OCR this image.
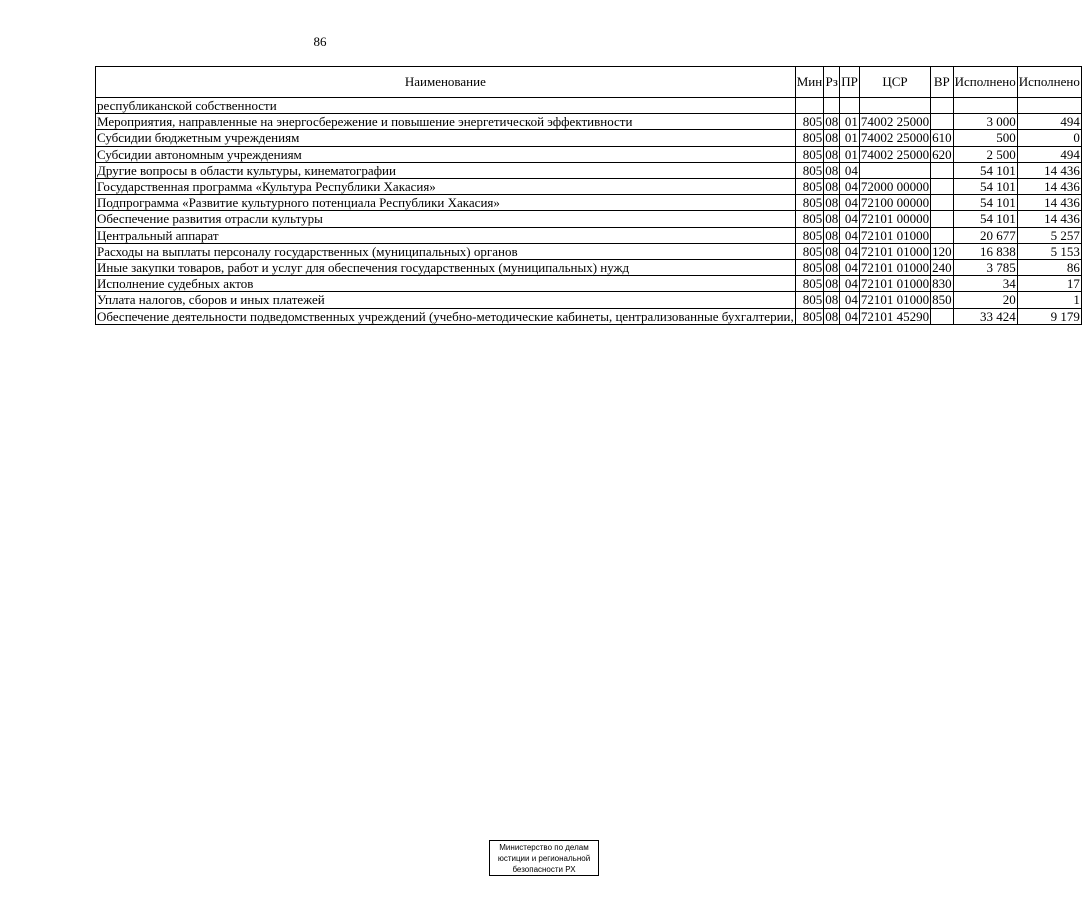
86
Наименование	Мин	Рз	ПР	ЦСР	ВР	Исполнено	Исполнено
республиканской собственности							
Мероприятия, направленные на энергосбережение и повышение энергетической эффективности	805	08	01	74002 25000		3 000	494
Субсидии бюджетным учреждениям	805	08	01	74002 25000	610	500	0
Субсидии автономным учреждениям	805	08	01	74002 25000	620	2 500	494
Другие вопросы в области культуры, кинематографии	805	08	04			54 101	14 436
Государственная программа «Культура Республики Хакасия»	805	08	04	72000 00000		54 101	14 436
Подпрограмма «Развитие культурного потенциала Республики Хакасия»	805	08	04	72100 00000		54 101	14 436
Обеспечение развития отрасли культуры	805	08	04	72101 00000		54 101	14 436
Центральный аппарат	805	08	04	72101 01000		20 677	5 257
Расходы на выплаты персоналу государственных (муниципальных) органов	805	08	04	72101 01000	120	16 838	5 153
Иные закупки товаров, работ и услуг для обеспечения государственных (муниципальных) нужд	805	08	04	72101 01000	240	3 785	86
Исполнение судебных актов	805	08	04	72101 01000	830	34	17
Уплата налогов, сборов и иных платежей	805	08	04	72101 01000	850	20	1
Обеспечение деятельности подведомственных учреждений (учебно-методические кабинеты, централизованные бухгалтерии,	805	08	04	72101 45290		33 424	9 179
Министерство по делам
юстиции и региональной
безопасности РХ
